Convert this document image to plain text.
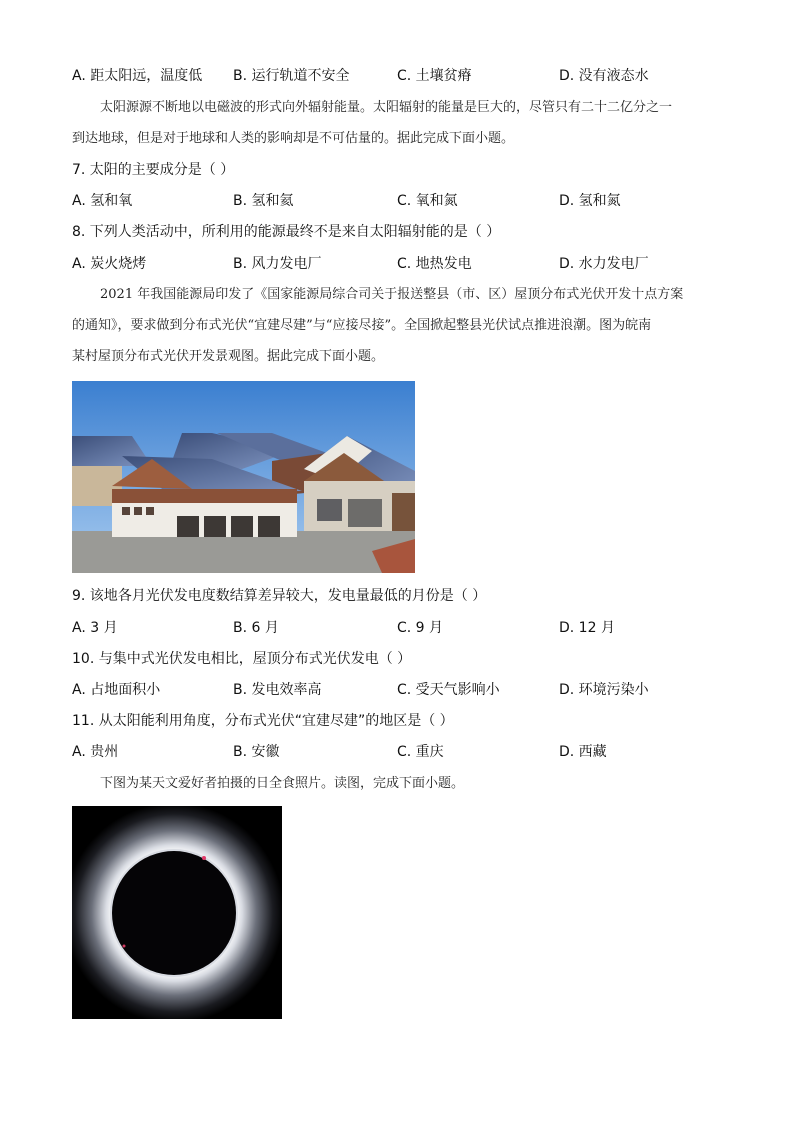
A. 距太阳远，温度低 B. 运行轨道不安全	C. 土壤贫瘠	D. 没有液态水
太阳源源不断地以电磁波的形式向外辐射能量。太阳辐射的能量是巨大的，尽管只有二十二亿分之一
到达地球，但是对于地球和人类的影响却是不可估量的。据此完成下面小题。
7. 太阳的主要成分是（ ）
A. 氢和氧	B. 氢和氦	C. 氧和氮	D. 氢和氮
8. 下列人类活动中，所利用的能源最终不是来自太阳辐射能的是（ ）
A. 炭火烧烤	B. 风力发电厂	C. 地热发电	D. 水力发电厂
2021 年我国能源局印发了《国家能源局综合司关于报送整县（市、区）屋顶分布式光伏开发十点方案
的通知》，要求做到分布式光伏“宜建尽建”与“应接尽接”。全国掀起整县光伏试点推进浪潮。图为皖南
某村屋顶分布式光伏开发景观图。据此完成下面小题。
9. 该地各月光伏发电度数结算差异较大，发电量最低的月份是（ ）
A. 3 月	B. 6 月	C. 9 月	D. 12 月
10. 与集中式光伏发电相比，屋顶分布式光伏发电（ ）
A. 占地面积小	B. 发电效率高	C. 受天气影响小	D. 环境污染小
11. 从太阳能利用角度，分布式光伏“宜建尽建”的地区是（ ）
A. 贵州	B. 安徽	C. 重庆	D. 西藏
下图为某天文爱好者拍摄的日全食照片。读图，完成下面小题。
